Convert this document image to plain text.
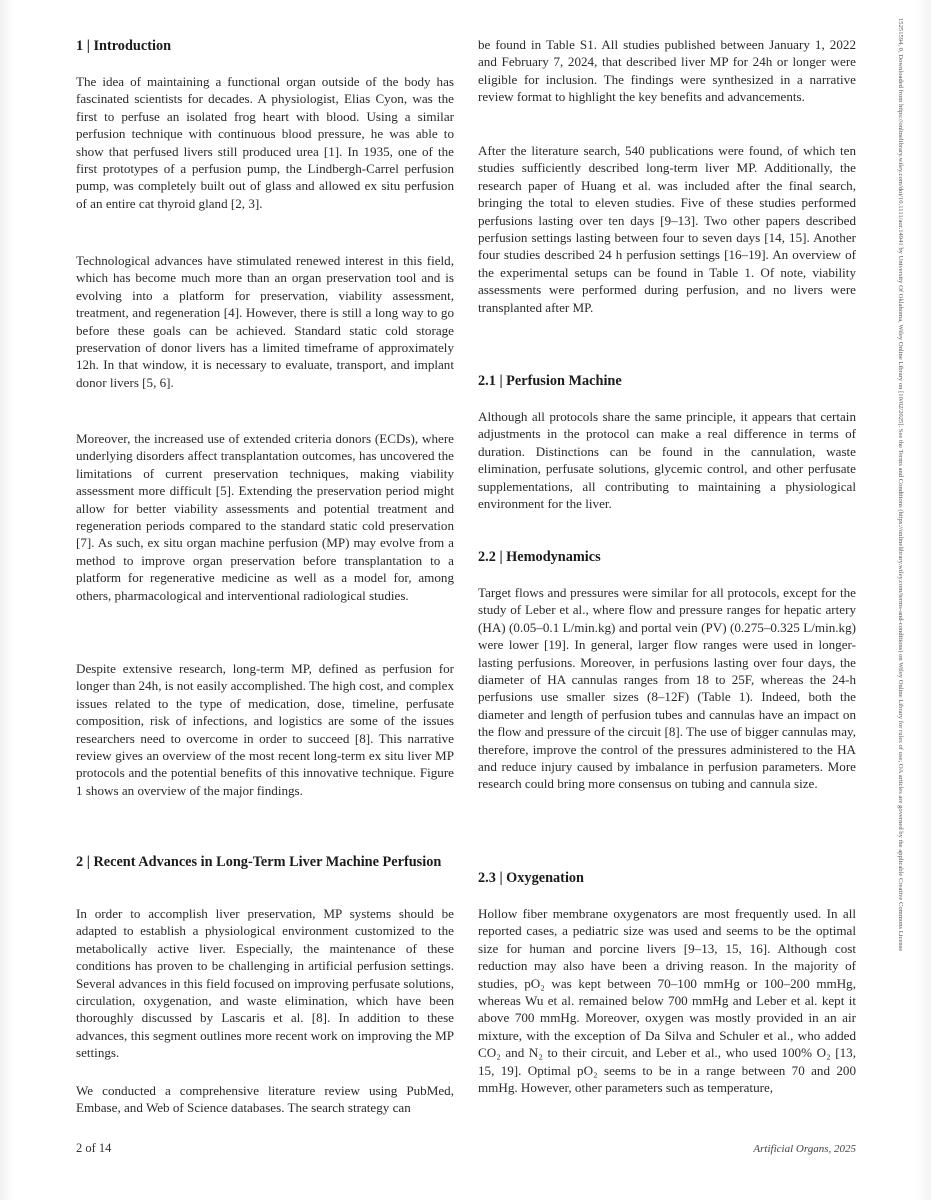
1 | Introduction

The idea of maintaining a functional organ outside of the body has fascinated scientists for decades. A physiologist, Elias Cyon, was the first to perfuse an isolated frog heart with blood. Using a similar perfusion technique with continuous blood pressure, he was able to show that perfused livers still produced urea [1]. In 1935, one of the first prototypes of a perfusion pump, the Lindbergh-Carrel perfusion pump, was completely built out of glass and allowed ex situ perfusion of an entire cat thyroid gland [2, 3].

Technological advances have stimulated renewed interest in this field, which has become much more than an organ preservation tool and is evolving into a platform for preservation, viability assessment, treatment, and regeneration [4]. However, there is still a long way to go before these goals can be achieved. Standard static cold storage preservation of donor livers has a limited timeframe of approximately 12h. In that window, it is necessary to evaluate, transport, and implant donor livers [5, 6].

Moreover, the increased use of extended criteria donors (ECDs), where underlying disorders affect transplantation outcomes, has uncovered the limitations of current preservation techniques, making viability assessment more difficult [5]. Extending the preservation period might allow for better viability assessments and potential treatment and regeneration periods compared to the standard static cold preservation [7]. As such, ex situ organ machine perfusion (MP) may evolve from a method to improve organ preservation before transplantation to a platform for regenerative medicine as well as a model for, among others, pharmacological and interventional radiological studies.

Despite extensive research, long-term MP, defined as perfusion for longer than 24h, is not easily accomplished. The high cost, and complex issues related to the type of medication, dose, timeline, perfusate composition, risk of infections, and logistics are some of the issues researchers need to overcome in order to succeed [8]. This narrative review gives an overview of the most recent long-term ex situ liver MP protocols and the potential benefits of this innovative technique. Figure 1 shows an overview of the major findings.

2 | Recent Advances in Long-Term Liver Machine Perfusion

In order to accomplish liver preservation, MP systems should be adapted to establish a physiological environment customized to the metabolically active liver. Especially, the maintenance of these conditions has proven to be challenging in artificial perfusion settings. Several advances in this field focused on improving perfusate solutions, circulation, oxygenation, and waste elimination, which have been thoroughly discussed by Lascaris et al. [8]. In addition to these advances, this segment outlines more recent work on improving the MP settings.

We conducted a comprehensive literature review using PubMed, Embase, and Web of Science databases. The search strategy can

be found in Table S1. All studies published between January 1, 2022 and February 7, 2024, that described liver MP for 24h or longer were eligible for inclusion. The findings were synthesized in a narrative review format to highlight the key benefits and advancements.

After the literature search, 540 publications were found, of which ten studies sufficiently described long-term liver MP. Additionally, the research paper of Huang et al. was included after the final search, bringing the total to eleven studies. Five of these studies performed perfusions lasting over ten days [9–13]. Two other papers described perfusion settings lasting between four to seven days [14, 15]. Another four studies described 24 h perfusion settings [16–19]. An overview of the experimental setups can be found in Table 1. Of note, viability assessments were performed during perfusion, and no livers were transplanted after MP.

2.1 | Perfusion Machine

Although all protocols share the same principle, it appears that certain adjustments in the protocol can make a real difference in terms of duration. Distinctions can be found in the cannulation, waste elimination, perfusate solutions, glycemic control, and other perfusate supplementations, all contributing to maintaining a physiological environment for the liver.

2.2 | Hemodynamics

Target flows and pressures were similar for all protocols, except for the study of Leber et al., where flow and pressure ranges for hepatic artery (HA) (0.05–0.1 L/min.kg) and portal vein (PV) (0.275–0.325 L/min.kg) were lower [19]. In general, larger flow ranges were used in longer-lasting perfusions. Moreover, in perfusions lasting over four days, the diameter of HA cannulas ranges from 18 to 25F, whereas the 24-h perfusions use smaller sizes (8–12F) (Table 1). Indeed, both the diameter and length of perfusion tubes and cannulas have an impact on the flow and pressure of the circuit [8]. The use of bigger cannulas may, therefore, improve the control of the pressures administered to the HA and reduce injury caused by imbalance in perfusion parameters. More research could bring more consensus on tubing and cannula size.

2.3 | Oxygenation

Hollow fiber membrane oxygenators are most frequently used. In all reported cases, a pediatric size was used and seems to be the optimal size for human and porcine livers [9–13, 15, 16]. Although cost reduction may also have been a driving reason. In the majority of studies, pO₂ was kept between 70–100 mmHg or 100–200 mmHg, whereas Wu et al. remained below 700 mmHg and Leber et al. kept it above 700 mmHg. Moreover, oxygen was mostly provided in an air mixture, with the exception of Da Silva and Schuler et al., who added CO₂ and N₂ to their circuit, and Leber et al., who used 100% O₂ [13, 15, 19]. Optimal pO₂ seems to be in a range between 70 and 200 mmHg. However, other parameters such as temperature,

15251594, 0, Downloaded from https://onlinelibrary.wiley.com/doi/10.1111/aor.14941 by University Of Oklahoma, Wiley Online Library on [10/02/2025]. See the Terms and Conditions (https://onlinelibrary.wiley.com/terms-and-conditions) on Wiley Online Library for rules of use; OA articles are governed by the applicable Creative Commons License
2 of 14	Artificial Organs, 2025
